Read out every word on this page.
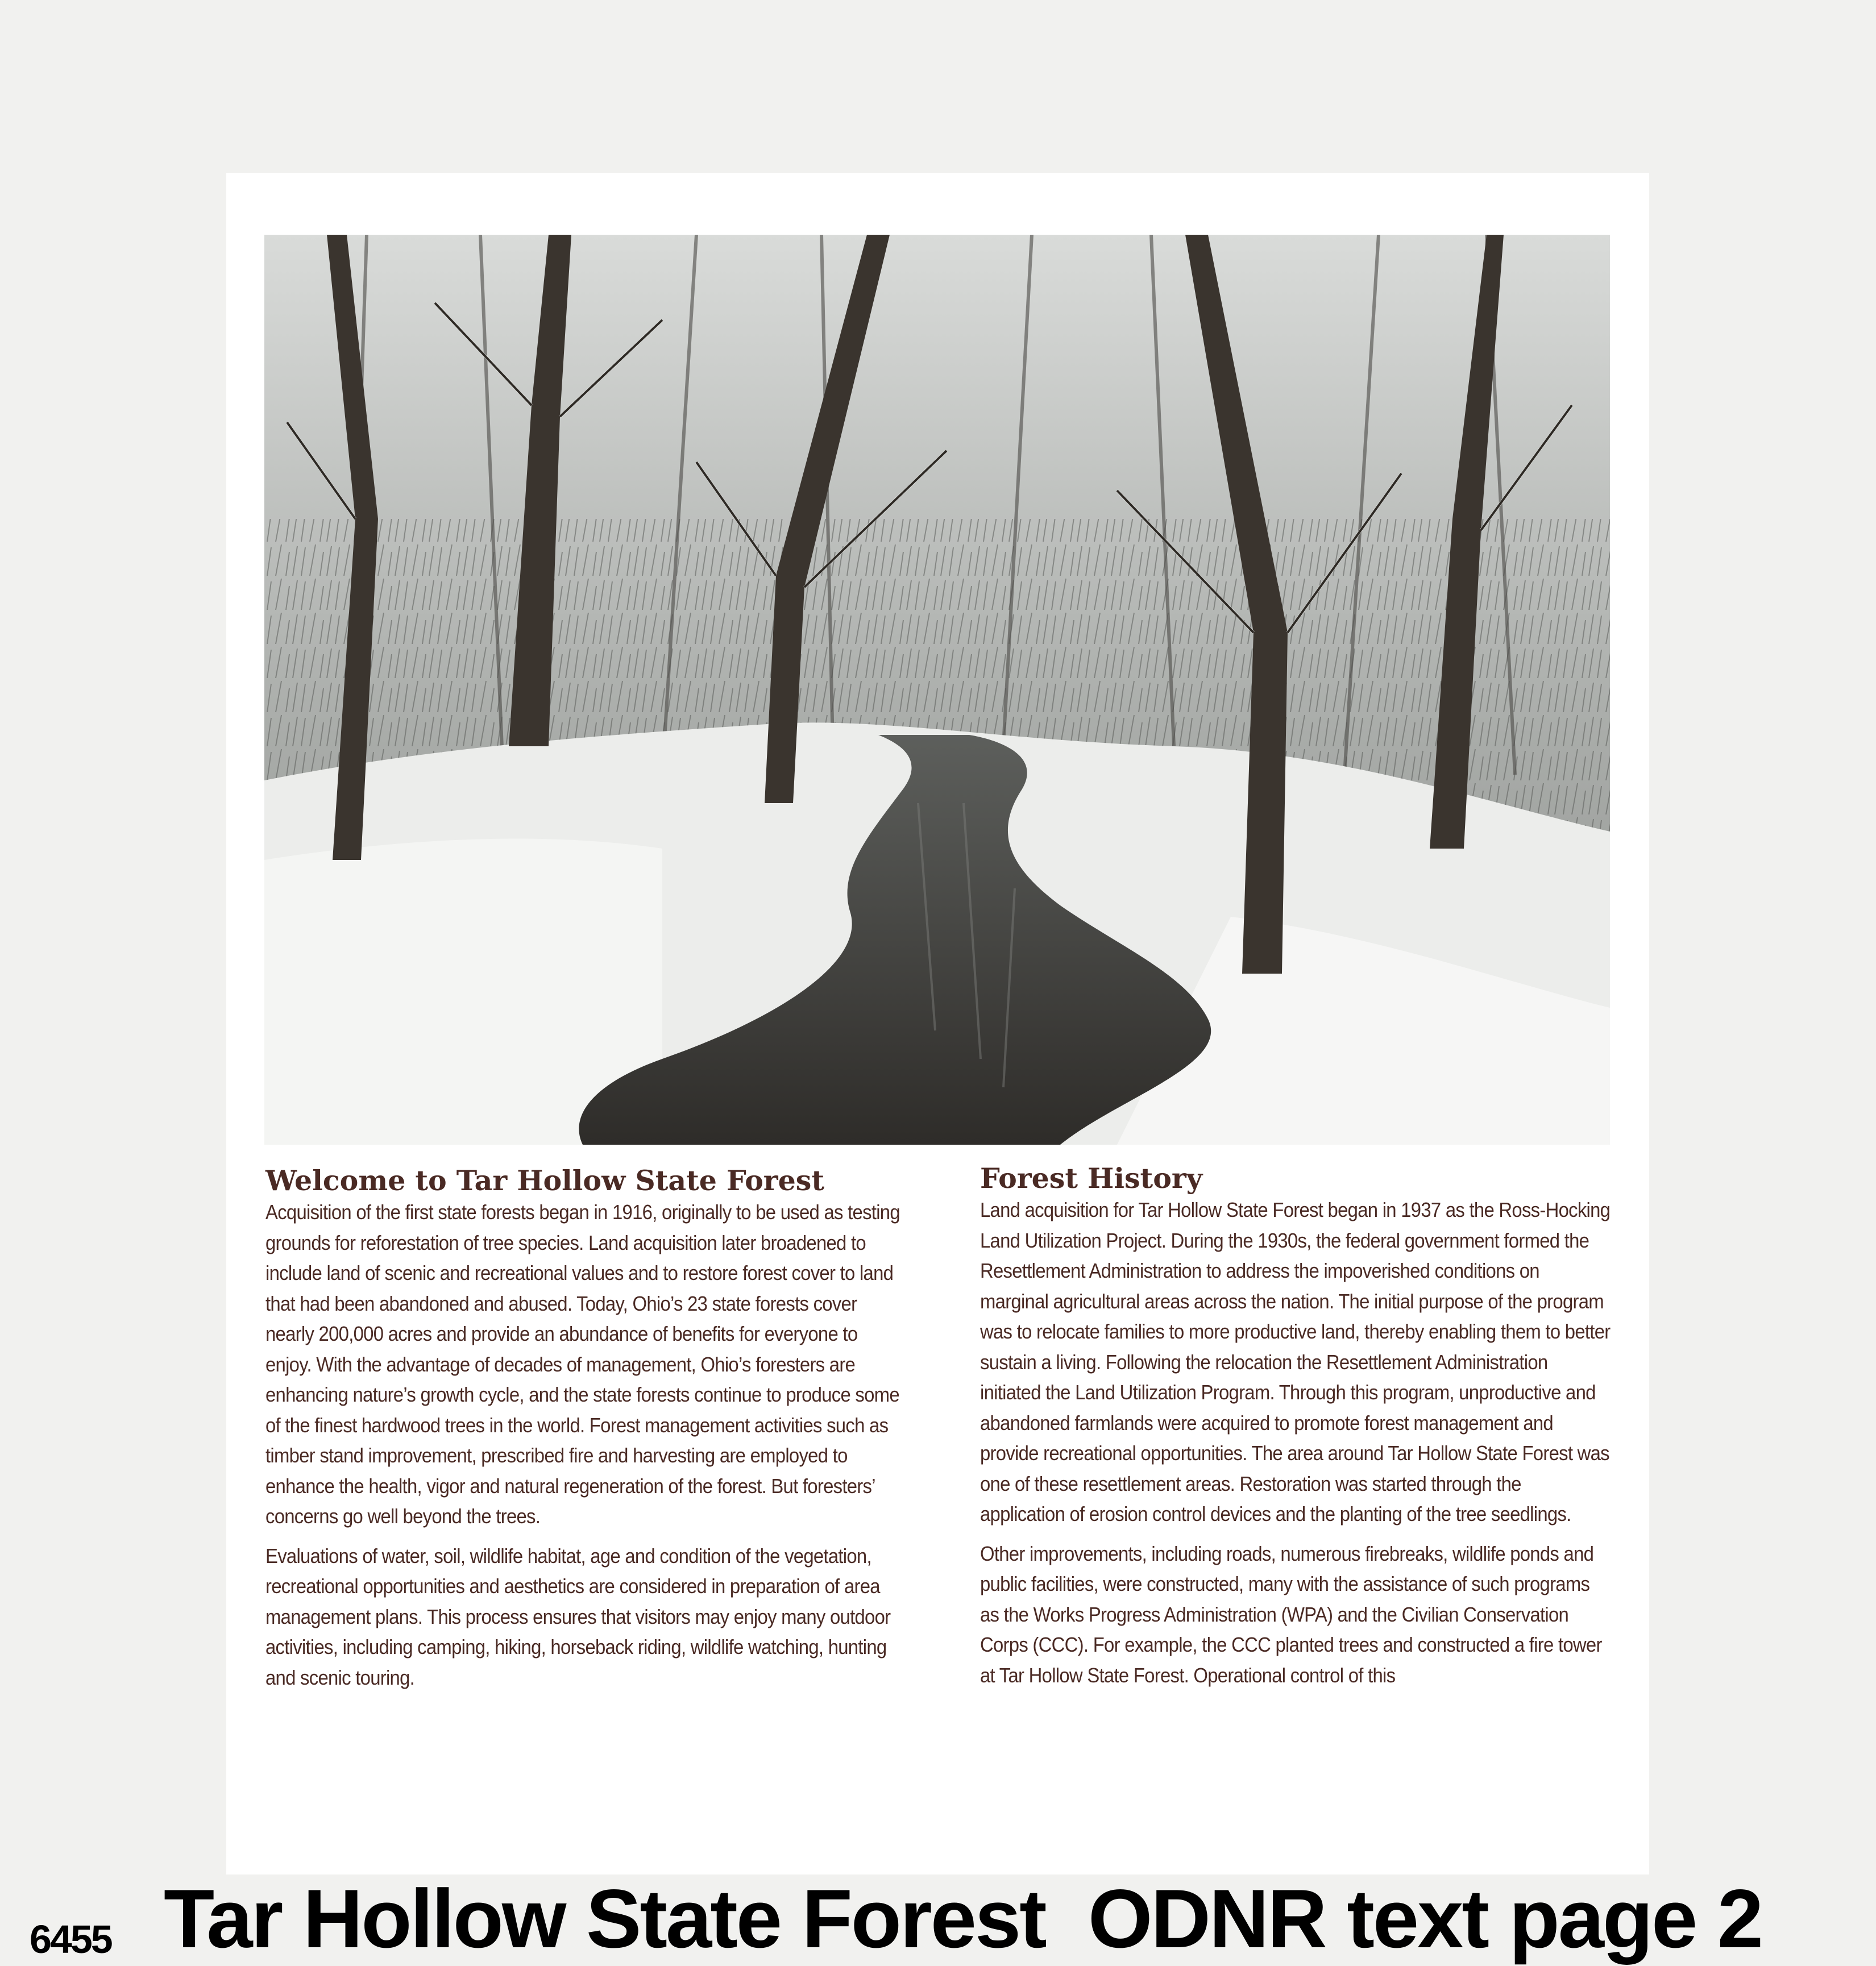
Welcome to Tar Hollow State Forest

Acquisition of the first state forests began in 1916, originally to be used as testing grounds for reforestation of tree species. Land acquisition later broadened to include land of scenic and recreational values and to restore forest cover to land that had been abandoned and abused. Today, Ohio’s 23 state forests cover nearly 200,000 acres and provide an abundance of benefits for everyone to enjoy. With the advantage of decades of management, Ohio’s foresters are enhancing nature’s growth cycle, and the state forests continue to produce some of the finest hardwood trees in the world. Forest management activities such as timber stand improvement, prescribed fire and harvesting are employed to enhance the health, vigor and natural regeneration of the forest. But foresters’ concerns go well beyond the trees.

Evaluations of water, soil, wildlife habitat, age and condition of the vegetation, recreational opportunities and aesthetics are considered in preparation of area management plans. This process ensures that visitors may enjoy many outdoor activities, including camping, hiking, horseback riding, wildlife watching, hunting and scenic touring.

Forest History

Land acquisition for Tar Hollow State Forest began in 1937 as the Ross-Hocking Land Utilization Project. During the 1930s, the federal government formed the Resettlement Administration to address the impoverished conditions on marginal agricultural areas across the nation. The initial purpose of the program was to relocate families to more productive land, thereby enabling them to better sustain a living. Following the relocation the Resettlement Administration initiated the Land Utilization Program. Through this program, unproductive and abandoned farmlands were acquired to promote forest management and provide recreational opportunities. The area around Tar Hollow State Forest was one of these resettlement areas. Restoration was started through the application of erosion control devices and the planting of the tree seedlings.

Other improvements, including roads, numerous firebreaks, wildlife ponds and public facilities, were constructed, many with the assistance of such programs as the Works Progress Administration (WPA) and the Civilian Conservation Corps (CCC). For example, the CCC planted trees and constructed a fire tower at Tar Hollow State Forest. Operational control of this

6455 Tar Hollow State Forest  ODNR text page 2
